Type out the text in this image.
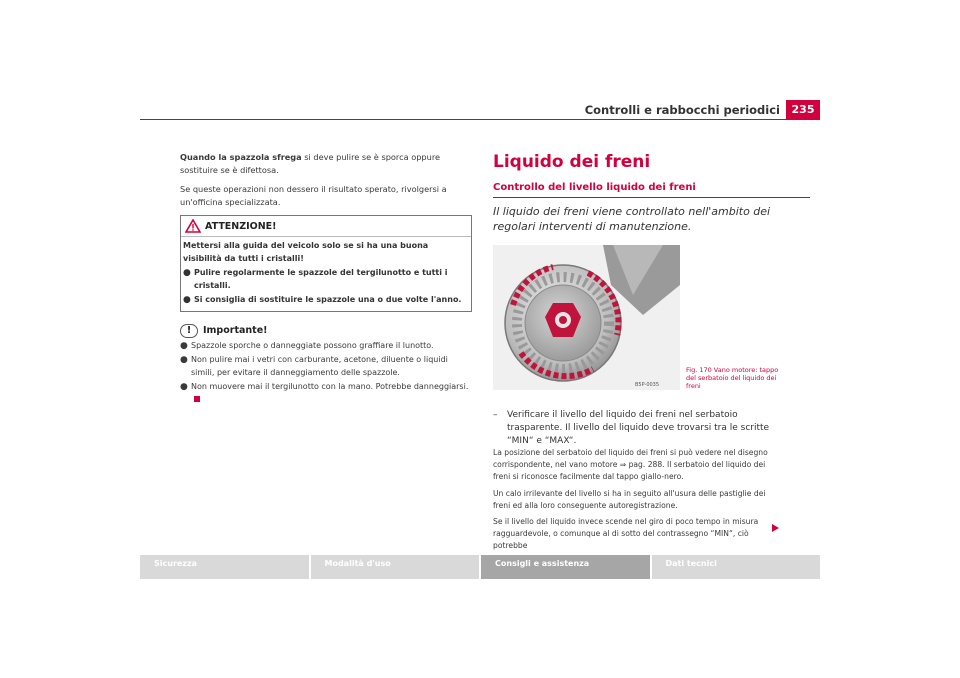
Controlli e rabbocchi periodici	235

Quando la spazzola sfrega si deve pulire se è sporca oppure sostituire se è difettosa.

Se queste operazioni non dessero il risultato sperato, rivolgersi a un'officina specializzata.

ATTENZIONE!

Mettersi alla guida del veicolo solo se si ha una buona visibilità da tutti i cristalli!

● Pulire regolarmente le spazzole del tergilunotto e tutti i cristalli.
● Si consiglia di sostituire le spazzole una o due volte l'anno.
!	Importante!
● Spazzole sporche o danneggiate possono graffiare il lunotto.
● Non pulire mai i vetri con carburante, acetone, diluente o liquidi simili, per evitare il danneggiamento delle spazzole.
● Non muovere mai il tergilunotto con la mano. Potrebbe danneggiarsi.
Liquido dei freni
Controllo del livello liquido dei freni
Il liquido dei freni viene controllato nell'ambito dei regolari interventi di manutenzione.
B5P-0035
Fig. 170 Vano motore: tappo del serbatoio del liquido dei freni
–	Verificare il livello del liquido dei freni nel serbatoio trasparente. Il livello del liquido deve trovarsi tra le scritte “MIN“ e “MAX“.

La posizione del serbatoio del liquido dei freni si può vedere nel disegno corrispondente, nel vano motore ⇒ pag. 288. Il serbatoio del liquido dei freni si riconosce facilmente dal tappo giallo-nero.

Un calo irrilevante del livello si ha in seguito all'usura delle pastiglie dei freni ed alla loro conseguente autoregistrazione.

Se il livello del liquido invece scende nel giro di poco tempo in misura ragguardevole, o comunque al di sotto del contrassegno “MIN“, ciò potrebbe

Sicurezza	Modalità d'uso	Consigli e assistenza	Dati tecnici
